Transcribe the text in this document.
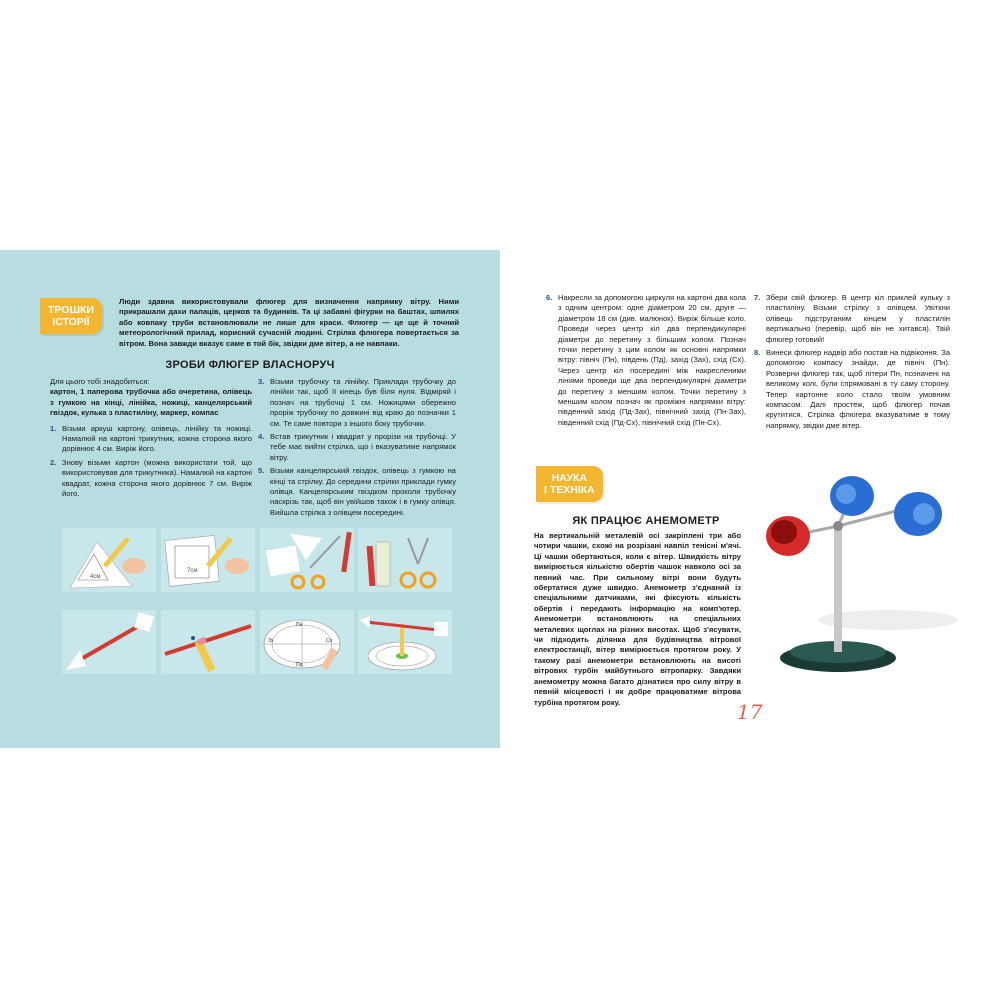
ТРОШКИ
ІСТОРІЇ
Люди здавна використовували флюгер для визначення напрямку вітру. Ними прикрашали дахи палаців, церков та будинків. Та ці забавні фігурки на баштах, шпилях або ковпаку труби встановлювали не лише для краси. Флюгер — це ще й точний метеорологічний прилад, корисний сучасній людині. Стрілка флюгера повертається за вітром. Вона завжди вказує саме в той бік, звідки дме вітер, а не навпаки.
ЗРОБИ ФЛЮГЕР ВЛАСНОРУЧ
Для цього тобі знадобиться:
картон, 1 паперова трубочка або очеретина, олівець з гумкою на кінці, лінійка, ножиці, канцелярський гвіздок, кулька з пластиліну, маркер, компас
1. Візьми аркуш картону, олівець, лінійку та ножиці. Намалюй на картоні трикутник, кожна сторона якого дорівнює 4 см. Виріж його.
2. Знову візьми картон (можна використати той, що використовував для трикутника). Намалюй на картоні квадрат, кожна сторона якого дорівнює 7 см. Виріж його.
3. Візьми трубочку та лінійку. Приклади трубочку до лінійки так, щоб її кінець був біля нуля. Відміряй і познач на трубочці 1 см. Ножицями обережно проріж трубочку по довжині від краю до позначки 1 см. Те саме повтори з іншого боку трубочки.
4. Встав трикутник і квадрат у прорізи на трубочці. У тебе має вийти стрілка, що і вказуватиме напрямок вітру.
5. Візьми канцелярський гвіздок, олівець з гумкою на кінці та стрілку. До середини стрілки приклади гумку олівця. Канцелярським гвіздком проколи трубочку наскрізь так, щоб він увійшов також і в гумку олівця. Вийшла стрілка з олівцем посередині.
4см
7см
Пн
Пд
Сх
Зх
6. Накресли за допомогою циркуля на картоні два кола з одним центром: одне діаметром 20 см, друге — діаметром 18 см (див. малюнок). Виріж більше коло. Проведи через центр кіл два перпендикулярні діаметри до перетину з більшим колом. Познач точки перетину з цим колом як основні напрямки вітру: північ (Пн), південь (Пд), захід (Зах), схід (Сх). Через центр кіл посередині між накресленими лініями проведи ще два перпендикулярні діаметри до перетину з меншим колом. Точки перетину з меншим колом познач як проміжні напрямки вітру: південний захід (Пд-Зах), північний захід (Пн-Зах), південний схід (Пд-Сх), північний схід (Пн-Сх).
7. Збери свій флюгер. В центр кіл приклей кульку з пластиліну. Візьми стрілку з олівцем. Увіткни олівець підструганим кінцем у пластилін вертикально (перевір, щоб він не хитався). Твій флюгер готовий!
8. Винеси флюгер надвір або постав на підвіконня. За допомогою компасу знайди, де північ (Пн). Розверни флюгер так, щоб літери Пн, позначені на великому колі, були спрямовані в ту саму сторону. Тепер картонне коло стало твоїм умовним компасом. Далі простеж, щоб флюгер почав крутитися. Стрілка флюгера вказуватиме в тому напрямку, звідки дме вітер.
НАУКА
І ТЕХНІКА
ЯК ПРАЦЮЄ АНЕМОМЕТР
На вертикальній металевій осі закріплені три або чотири чашки, схожі на розрізані навпіл тенісні м'ячі. Ці чашки обертаються, коли є вітер. Швидкість вітру вимірюється кількістю обертів чашок навколо осі за певний час. При сильному вітрі вони будуть обертатися дуже швидко. Анемометр з'єднаний із спеціальними датчиками, які фіксують кількість обертів і передають інформацію на комп'ютер. Анемометри встановлюють на спеціальних металевих щоглах на різних висотах. Щоб з'ясувати, чи підходить ділянка для будівництва вітрової електростанції, вітер вимірюється протягом року. У такому разі анемометри встановлюють на висоті вітрових турбін майбутнього вітропарку. Завдяки анемометру можна багато дізнатися про силу вітру в певній місцевості і як добре працюватиме вітрова турбіна протягом року.	17
